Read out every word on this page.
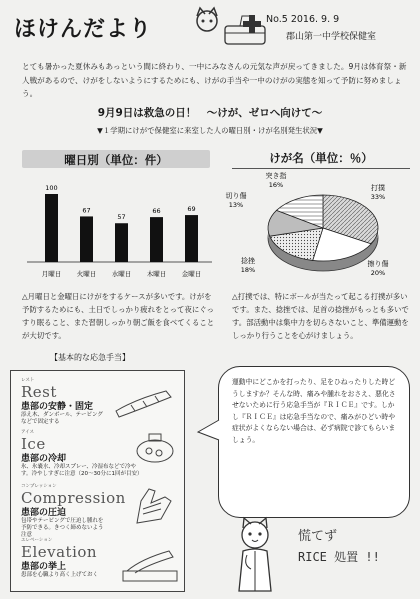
ほけんだより	No.5 2016. 9. 9
郡山第一中学校保健室
とても暑かった夏休みもあっという間に終わり、一中にみなさんの元気な声が戻ってきました。9月は体育祭・新人戦があるので、けがをしないようにするためにも、けがの手当や一中のけがの実態を知って予防に努めましょう。
9月9日は救急の日！　～けが、ゼロへ向けて～
▼１学期にけがで保健室に来室した人の曜日別・けが名別発生状況▼
曜日別（単位：件）
100
月曜日
67
火曜日
57
水曜日
66
木曜日
69
金曜日
けが名（単位：％）
打撲
33%
擦り傷
20%
捻挫
18%
切り傷
13%
突き指
16%
△月曜日と金曜日にけがをするケースが多いです。けがを予防するためにも、土日でしっかり疲れをとって夜にぐっすり眠ること、また習朝しっかり朝ご飯を食べてくることが大切です。
△打撲では、特にボールが当たって起こる打撲が多いです。また、捻挫では、足首の捻挫がもっとも多いです。部活動中は集中力を切らさないこと、準備運動をしっかり行うことを心がけましょう。
【基本的な応急手当】
レスト
Rest
患部の安静・固定
添え木、ダンボール、テーピングなどで固定する
アイス
Ice
患部の冷却
氷、氷嚢水、冷却スプレー、冷湿布などで冷やす。冷やしすぎに注意（20～30分に1回が目安）
コンプレッション
Compression
患部の圧迫
包帯やテーピングで圧迫し腫れを予防できる。きつく締めないよう注意
エレベーション
Elevation
患部の挙上
患部を心臓より高く上げておく
運動中にどこかを打ったり、足をひねったりした時どうしますか？そんな時、痛みや腫れをおさえ、悪化させないために行う応急手当が『ＲＩＣＥ』です。しかし『ＲＩＣＥ』は応急手当なので、痛みがひどい時や症状がよくならない場合は、必ず病院で診てもらいましょう。
慌てず
RICE 処置 !!
